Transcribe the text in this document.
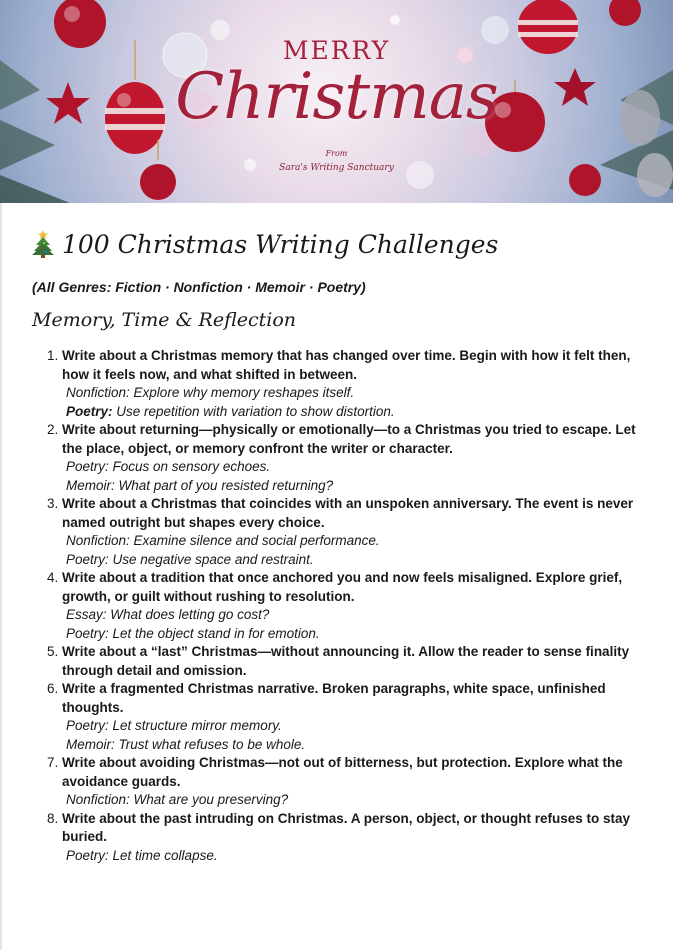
MERRY
Christmas
From
Sara's Writing Sanctuary
100 Christmas Writing Challenges
(All Genres: Fiction · Nonfiction · Memoir · Poetry)
Memory, Time & Reflection
1. Write about a Christmas memory that has changed over time. Begin with how it felt then, how it feels now, and what shifted in between.
Nonfiction: Explore why memory reshapes itself.
Poetry: Use repetition with variation to show distortion.
2. Write about returning—physically or emotionally—to a Christmas you tried to escape. Let the place, object, or memory confront the writer or character.
Poetry: Focus on sensory echoes.
Memoir: What part of you resisted returning?
3. Write about a Christmas that coincides with an unspoken anniversary. The event is never named outright but shapes every choice.
Nonfiction: Examine silence and social performance.
Poetry: Use negative space and restraint.
4. Write about a tradition that once anchored you and now feels misaligned. Explore grief, growth, or guilt without rushing to resolution.
Essay: What does letting go cost?
Poetry: Let the object stand in for emotion.
5. Write about a “last” Christmas—without announcing it. Allow the reader to sense finality through detail and omission.
6. Write a fragmented Christmas narrative. Broken paragraphs, white space, unfinished thoughts.
Poetry: Let structure mirror memory.
Memoir: Trust what refuses to be whole.
7. Write about avoiding Christmas—not out of bitterness, but protection. Explore what the avoidance guards.
Nonfiction: What are you preserving?
8. Write about the past intruding on Christmas. A person, object, or thought refuses to stay buried.
Poetry: Let time collapse.
